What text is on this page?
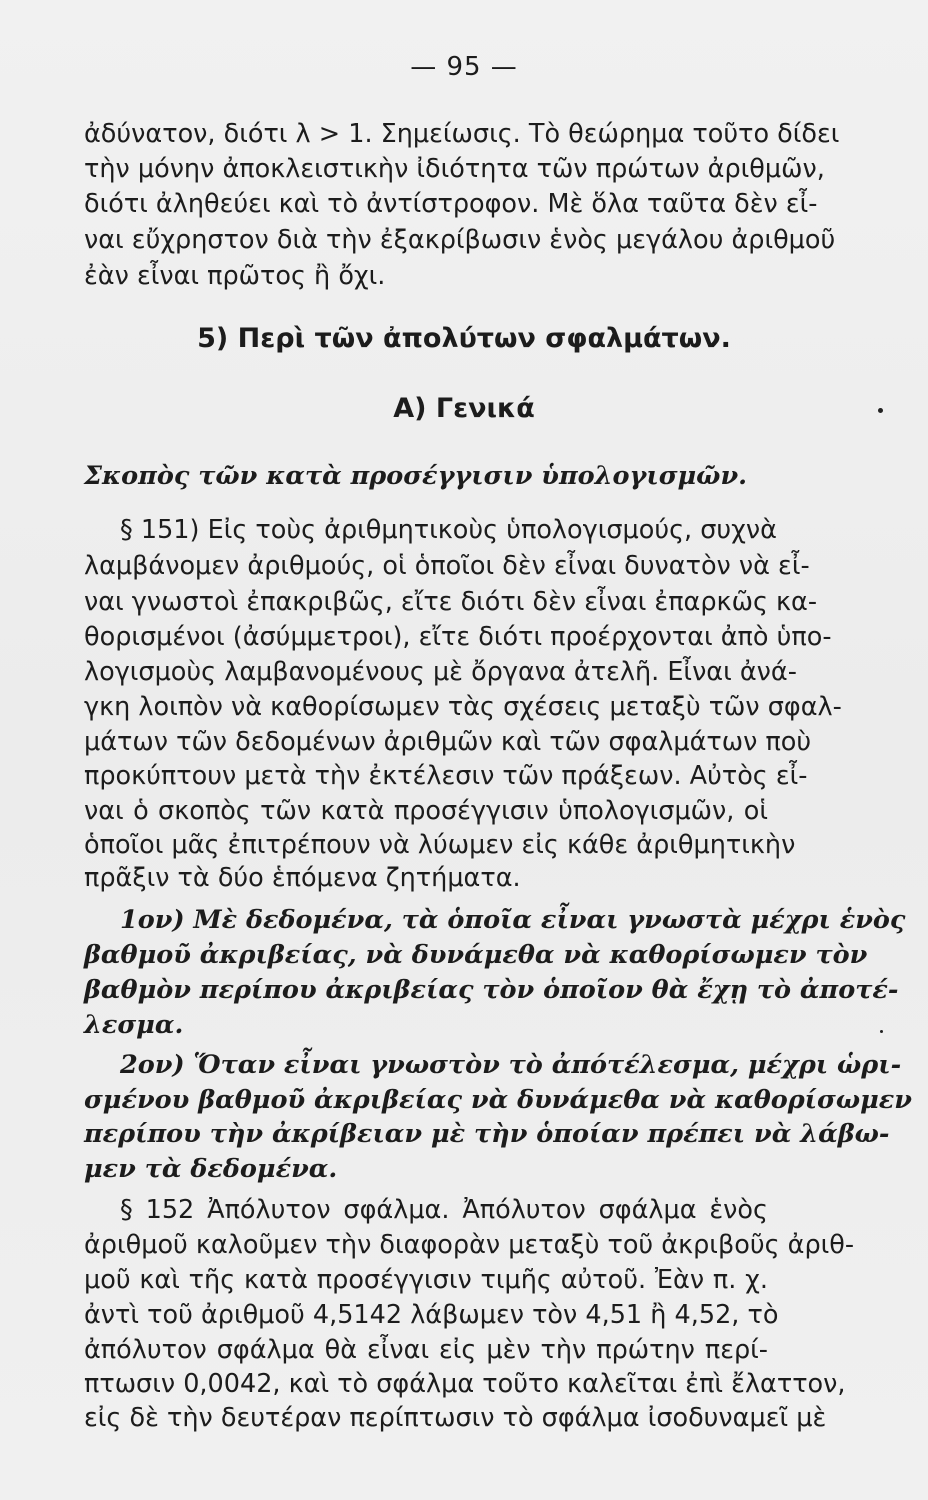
— 95 —
ἀδύνατον, διότι λ > 1. Σημείωσις. Τὸ θεώρημα τοῦτο δίδει
τὴν μόνην ἀποκλειστικὴν ἰδιότητα τῶν πρώτων ἀριθμῶν,
διότι ἀληθεύει καὶ τὸ ἀντίστροφον. Μὲ ὅλα ταῦτα δὲν εἶ-
ναι εὔχρηστον διὰ τὴν ἐξακρίβωσιν ἑνὸς μεγάλου ἀριθμοῦ
ἐὰν εἶναι πρῶτος ἢ ὄχι.
5) Περὶ τῶν ἀπολύτων σφαλμάτων.
Α) Γενικά
Σκοπὸς τῶν κατὰ προσέγγισιν ὑπολογισμῶν.
§ 151) Εἰς τοὺς ἀριθμητικοὺς ὑπολογισμούς, συχνὰ
λαμβάνομεν ἀριθμούς, οἱ ὁποῖοι δὲν εἶναι δυνατὸν νὰ εἶ-
ναι γνωστοὶ ἐπακριβῶς, εἴτε διότι δὲν εἶναι ἐπαρκῶς κα-
θορισμένοι (ἀσύμμετροι), εἴτε διότι προέρχονται ἀπὸ ὑπο-
λογισμοὺς λαμβανομένους μὲ ὄργανα ἀτελῆ. Εἶναι ἀνά-
γκη λοιπὸν νὰ καθορίσωμεν τὰς σχέσεις μεταξὺ τῶν σφαλ-
μάτων τῶν δεδομένων ἀριθμῶν καὶ τῶν σφαλμάτων ποὺ
προκύπτουν μετὰ τὴν ἐκτέλεσιν τῶν πράξεων. Αὐτὸς εἶ-
ναι ὁ σκοπὸς τῶν κατὰ προσέγγισιν ὑπολογισμῶν, οἱ
ὁποῖοι μᾶς ἐπιτρέπουν νὰ λύωμεν εἰς κάθε ἀριθμητικὴν
πρᾶξιν τὰ δύο ἑπόμενα ζητήματα.
1ον) Μὲ δεδομένα, τὰ ὁποῖα εἶναι γνωστὰ μέχρι ἑνὸς
βαθμοῦ ἀκριβείας, νὰ δυνάμεθα νὰ καθορίσωμεν τὸν
βαθμὸν περίπου ἀκριβείας τὸν ὁποῖον θὰ ἔχῃ τὸ ἀποτέ-
λεσμα.
2ον) Ὅταν εἶναι γνωστὸν τὸ ἀπότέλεσμα, μέχρι ὡρι-
σμένου βαθμοῦ ἀκριβείας νὰ δυνάμεθα νὰ καθορίσωμεν
περίπου τὴν ἀκρίβειαν μὲ τὴν ὁποίαν πρέπει νὰ λάβω-
μεν τὰ δεδομένα.
§ 152 Ἀπόλυτον σφάλμα. Ἀπόλυτον σφάλμα ἑνὸς
ἀριθμοῦ καλοῦμεν τὴν διαφορὰν μεταξὺ τοῦ ἀκριβοῦς ἀριθ-
μοῦ καὶ τῆς κατὰ προσέγγισιν τιμῆς αὐτοῦ. Ἐὰν π. χ.
ἀντὶ τοῦ ἀριθμοῦ 4,5142 λάβωμεν τὸν 4,51 ἢ 4,52, τὸ
ἀπόλυτον σφάλμα θὰ εἶναι εἰς μὲν τὴν πρώτην περί-
πτωσιν 0,0042, καὶ τὸ σφάλμα τοῦτο καλεῖται ἐπὶ ἔλαττον,
εἰς δὲ τὴν δευτέραν περίπτωσιν τὸ σφάλμα ἰσοδυναμεῖ μὲ
